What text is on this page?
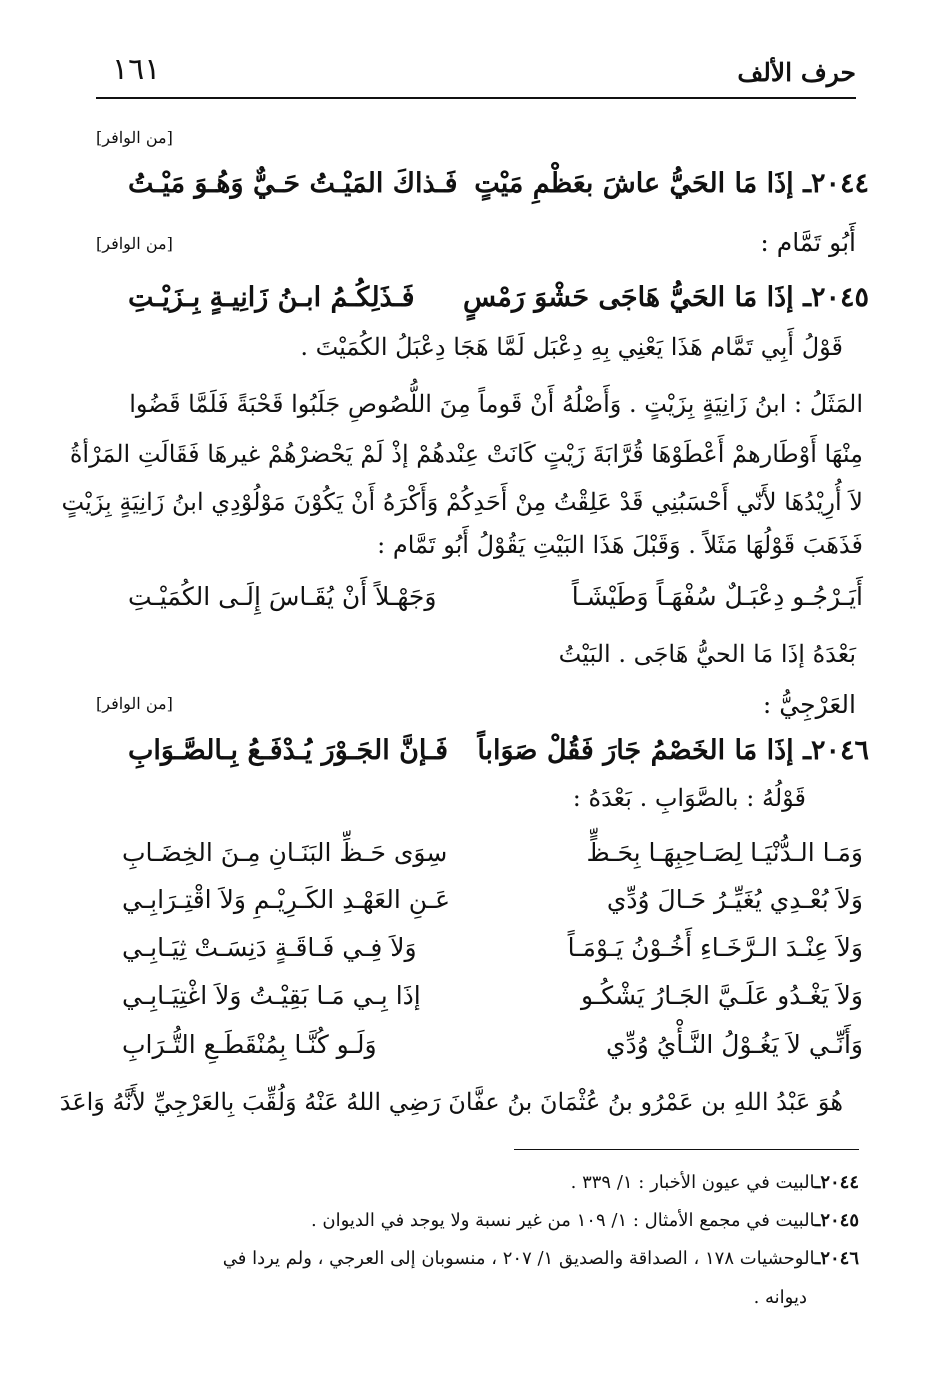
حرف الألف
١٦١
[من الوافر]
٢٠٤٤ـ إذَا مَا الحَيُّ عاشَ بعَظْمِ مَيْتٍ
فَـذاكَ المَيْـتُ حَـيٌّ وَهُـوَ مَيْـتُ
أَبُو تَمَّام :
[من الوافر]
٢٠٤٥ـ إذَا مَا الحَيُّ هَاجَى حَشْوَ رَمْسٍ
فَـذَلِكُـمُ ابـنُ زَانِيـةٍ بِـزَيْـتِ
قَوْلُ أَبِي تَمَّام هَذَا يَعْنِي بِهِ دِعْبَل لَمَّا هَجَا دِعْبَلُ الكُمَيْتَ .
المَثَلُ : ابنُ زَانِيَةٍ بِزَيْتٍ . وَأَصْلُهُ أَنْ قَوماً مِنَ اللُّصُوصِ جَلَبُوا قَحْبَةً فَلَمَّا قَضُوا
مِنْهَا أَوْطَارهمْ أَعْطَوْهَا قُرَّابَةَ زَيْتٍ كَانَتْ عِنْدهُمْ إذْ لَمْ يَحْضرْهُمْ غيرهَا فَقَالَتِ المَرْأةُ
لاَ أُرِيْدُهَا لأَنّي أَحْسَبُنِي قَدْ عَلِقْتُ مِنْ أَحَدِكُمْ وَأَكْرَهُ أَنْ يَكُوْنَ مَوْلُوْدِي ابنُ زَانِيَةٍ بِزَيْتٍ
فَذَهَبَ قَوْلُهَا مَثَلاً . وَقَبْلَ هَذَا البَيْتِ يَقُوْلُ أَبُو تَمَّام :
أَيَـرْجُـو دِعْبَـلٌ سُفْهَـاً وَطَيْشَـاً
وَجَهْـلاً أَنْ يُقَـاسَ إِلَـى الكُمَيْـتِ
بَعْدَهُ إذَا مَا الحيُّ هَاجَى . البَيْتُ
العَرْجِيُّ :
[من الوافر]
٢٠٤٦ـ إذَا مَا الخَصْمُ جَارَ فَقُلْ صَوَاباً
فَـإنَّ الجَـوْرَ يُـدْفَـعُ بِـالصَّـوَابِ
قَوْلُهُ : بالصَّوَابِ . بَعْدَهُ :
وَمَـا الـدُّنْيَـا لِصَـاحِبِهَـا بِحَـظٍّ
سِوَى حَـظِّ البَنَـانِ مِـنَ الخِضَـابِ
وَلاَ بُعْـدِي يُغَيِّـرُ حَـالَ وُدِّي
عَـنِ العَهْـدِ الكَـرِيْـمِ وَلاَ اقْتِـرَابِـي
وَلاَ عِنْـدَ الـرَّخَـاءِ أَخُـوْنُ يَـوْمَـاً
وَلاَ فِـي فَـاقَـةٍ دَنِسَـتْ ثِيَـابِـي
وَلاَ يَغْـدُو عَلَـيَّ الجَـارُ يَشْكُـو
إذَا بِـي مَـا بَقِيْـتُ وَلاَ اغْتِيَـابِـي
وَأَنِّـي لاَ يَغُـوْلُ النَّـأْيُ وُدِّي
وَلَـو كُنَّـا بِمُنْقَطَـعِ التُّـرَابِ
هُوَ عَبْدُ اللهِ بن عَمْرُو بنُ عُثْمَانَ بنُ عفَّانَ رَضِي اللهُ عَنْهُ وَلُقِّبَ بِالعَرْجِيِّ لأَنَّهُ وَاعَدَ
٢٠٤٤ـالبيت في عيون الأخبار : ١/ ٣٣٩ .
٢٠٤٥ـالبيت في مجمع الأمثال : ١/ ١٠٩ من غير نسبة ولا يوجد في الديوان .
٢٠٤٦ـالوحشيات ١٧٨ ، الصداقة والصديق ١/ ٢٠٧ ، منسوبان إلى العرجي ، ولم يردا في
ديوانه .
